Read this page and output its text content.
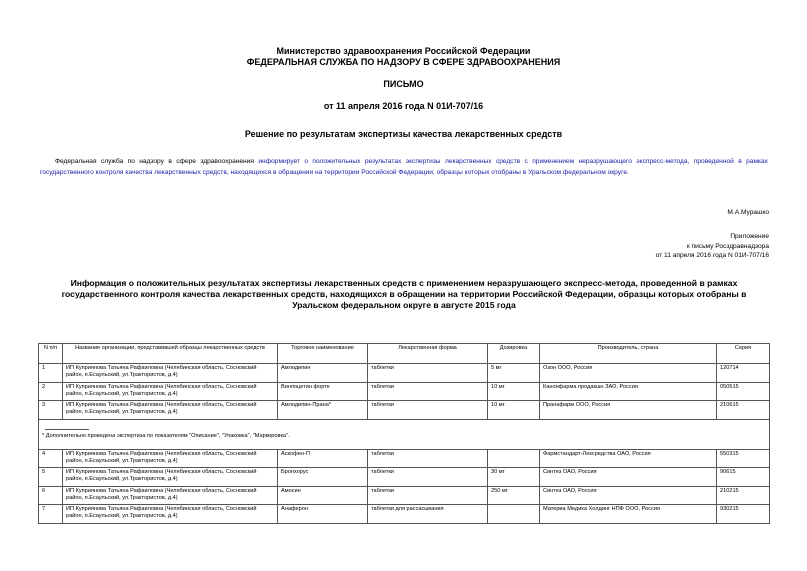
Министерство здравоохранения Российской Федерации
ФЕДЕРАЛЬНАЯ СЛУЖБА ПО НАДЗОРУ В СФЕРЕ ЗДРАВООХРАНЕНИЯ
ПИСЬМО
от 11 апреля 2016 года N 01И-707/16
Решение по результатам экспертизы качества лекарственных средств
Федеральная служба по надзору в сфере здравоохранения информирует о положительных результатах экспертизы лекарственных средств с применением неразрушающего экспресс-метода, проведенной в рамках государственного контроля качества лекарственных средств, находящихся в обращении на территории Российской Федерации, образцы которых отобраны в Уральском федеральном округе.
М.А.Мурашко
Приложение
к письму Росздравнадзора
от 11 апреля 2016 года N 01И-707/16
Информация о положительных результатах экспертизы лекарственных средств с применением неразрушающего экспресс-метода, проведенной в рамках государственного контроля качества лекарственных средств, находящихся в обращении на территории Российской Федерации, образцы которых отобраны в Уральском федеральном округе в августе 2015 года
N п/п	Название организации, представившей образцы лекарственных средств	Торговое наименование	Лекарственная форма	Дозировка	Производитель, страна	Серия
1	ИП Куприянова Татьяна Рафаиловна (Челябинская область, Сосновский район, п.Есаульский, ул.Трактористов, д.4)	Амлодипин	таблетки	5 мг	Озон ООО, Россия	120714
2	ИП Куприянова Татьяна Рафаиловна (Челябинская область, Сосновский район, п.Есаульский, ул.Трактористов, д.4)	Винпоцетин форте	таблетки	10 мг	Канонфарма продакшн ЗАО, Россия	050515
3	ИП Куприянова Татьяна Рафаиловна (Челябинская область, Сосновский район, п.Есаульский, ул.Трактористов, д.4)	Амлодипин-Прана*	таблетки	10 мг	Пранафарм ООО, Россия	210615

* Дополнительно проведена экспертиза по показателям "Описание", "Упаковка", "Маркировка".						
4	ИП Куприянова Татьяна Рафаиловна (Челябинская область, Сосновский район, п.Есаульский, ул.Трактористов, д.4)	Аскофен-П	таблетки		Фармстандарт-Лексредства ОАО, Россия	550315
5	ИП Куприянова Татьяна Рафаиловна (Челябинская область, Сосновский район, п.Есаульский, ул.Трактористов, д.4)	Бронхорус	таблетки	30 мг	Синтез ОАО, Россия	90615
6	ИП Куприянова Татьяна Рафаиловна (Челябинская область, Сосновский район, п.Есаульский, ул.Трактористов, д.4)	Амосин	таблетки	250 мг	Синтез ОАО, Россия	210215
7	ИП Куприянова Татьяна Рафаиловна (Челябинская область, Сосновский район, п.Есаульский, ул.Трактористов, д.4)	Анаферон	таблетки для рассасывания		Материа Медика Холдинг НПФ ООО, Россия	930215
